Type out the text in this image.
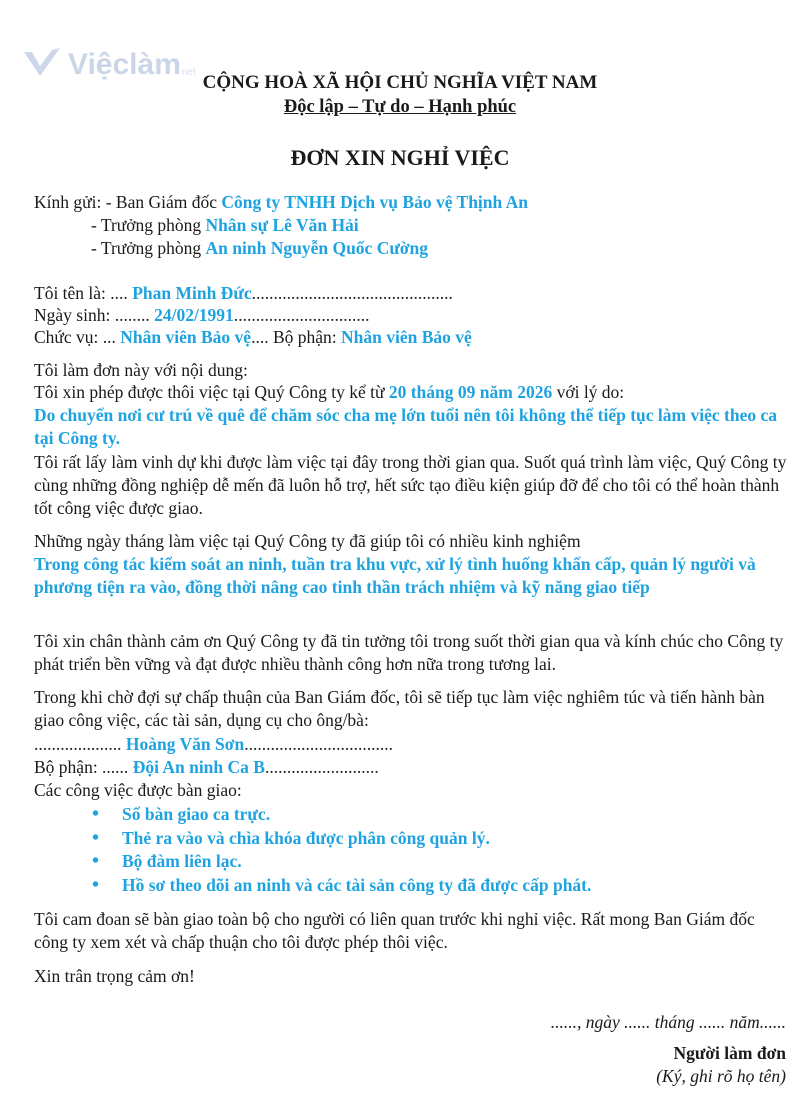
Việclàm net CỘNG HOÀ XÃ HỘI CHỦ NGHĨA VIỆT NAM
Độc lập – Tự do – Hạnh phúc
ĐƠN XIN NGHỈ VIỆC
Kính gửi: - Ban Giám đốc Công ty TNHH Dịch vụ Bảo vệ Thịnh An
- Trưởng phòng Nhân sự Lê Văn Hải
- Trưởng phòng An ninh Nguyễn Quốc Cường
Tôi tên là: .... Phan Minh Đức..............................................
Ngày sinh: ........ 24/02/1991...............................
Chức vụ: ... Nhân viên Bảo vệ.... Bộ phận: Nhân viên Bảo vệ
Tôi làm đơn này với nội dung:
Tôi xin phép được thôi việc tại Quý Công ty kể từ 20 tháng 09 năm 2026 với lý do:
Do chuyển nơi cư trú về quê để chăm sóc cha mẹ lớn tuổi nên tôi không thể tiếp tục làm việc theo ca tại Công ty.
Tôi rất lấy làm vinh dự khi được làm việc tại đây trong thời gian qua. Suốt quá trình làm việc, Quý Công ty cùng những đồng nghiệp dễ mến đã luôn hỗ trợ, hết sức tạo điều kiện giúp đỡ để cho tôi có thể hoàn thành tốt công việc được giao.
Những ngày tháng làm việc tại Quý Công ty đã giúp tôi có nhiều kinh nghiệm
Trong công tác kiểm soát an ninh, tuần tra khu vực, xử lý tình huống khẩn cấp, quản lý người và phương tiện ra vào, đồng thời nâng cao tinh thần trách nhiệm và kỹ năng giao tiếp
Tôi xin chân thành cảm ơn Quý Công ty đã tin tưởng tôi trong suốt thời gian qua và kính chúc cho Công ty phát triển bền vững và đạt được nhiều thành công hơn nữa trong tương lai.
Trong khi chờ đợi sự chấp thuận của Ban Giám đốc, tôi sẽ tiếp tục làm việc nghiêm túc và tiến hành bàn giao công việc, các tài sản, dụng cụ cho ông/bà:
.................... Hoàng Văn Sơn..................................
Bộ phận: ...... Đội An ninh Ca B..........................
Các công việc được bàn giao:
• Sổ bàn giao ca trực.
• Thẻ ra vào và chìa khóa được phân công quản lý.
• Bộ đàm liên lạc.
• Hồ sơ theo dõi an ninh và các tài sản công ty đã được cấp phát.
Tôi cam đoan sẽ bàn giao toàn bộ cho người có liên quan trước khi nghỉ việc. Rất mong Ban Giám đốc công ty xem xét và chấp thuận cho tôi được phép thôi việc.
Xin trân trọng cảm ơn!
......, ngày ...... tháng ...... năm......
Người làm đơn
(Ký, ghi rõ họ tên)
